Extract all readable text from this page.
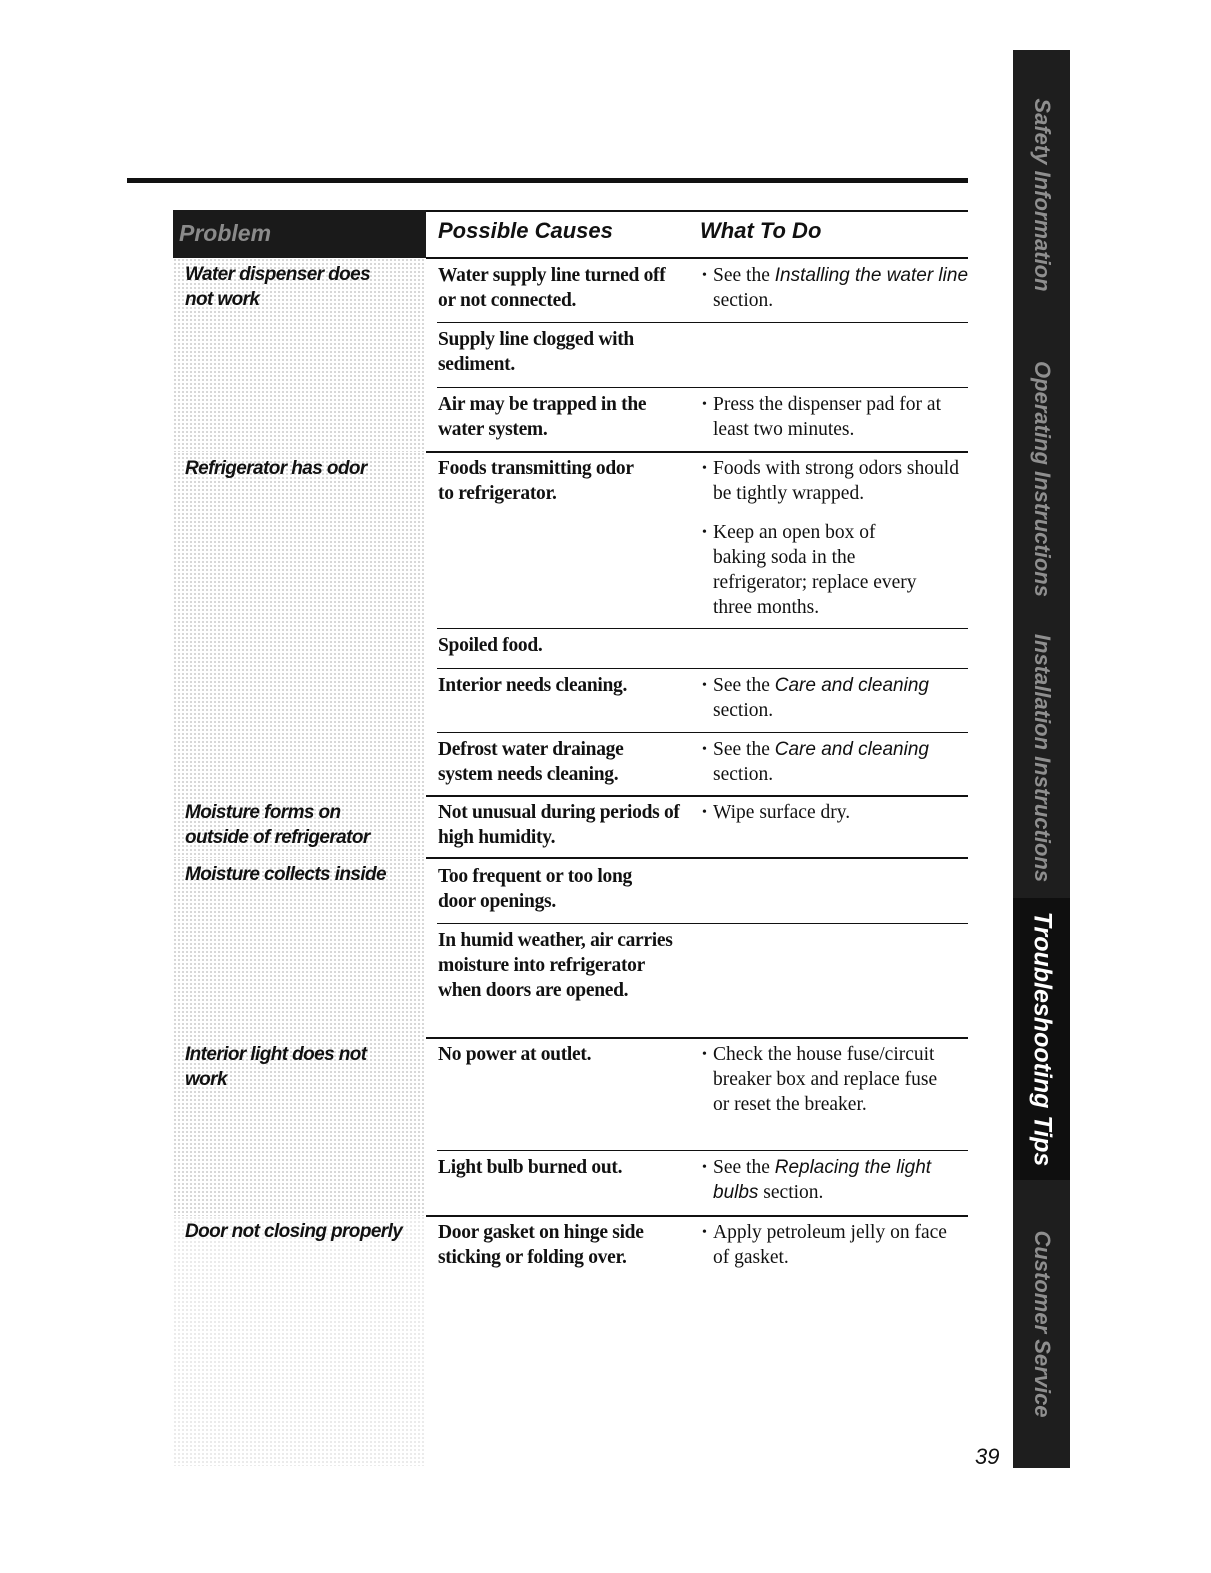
Problem
Water dispenser does not work
Refrigerator has odor
Moisture forms on outside of refrigerator
Moisture collects inside
Interior light does not work
Door not closing properly
Possible Causes	What To Do
Water supply line turned off or not connected.
Supply line clogged with sediment.
Air may be trapped in the water system.
Foods transmitting odor to refrigerator.
Spoiled food.
Interior needs cleaning.
Defrost water drainage system needs cleaning.
Not unusual during periods of high humidity.
Too frequent or too long door openings.
In humid weather, air carries moisture into refrigerator when doors are opened.
No power at outlet.
Light bulb burned out.
Door gasket on hinge side sticking or folding over.
• See the Installing the water line section.
• Press the dispenser pad for at least two minutes.
• Foods with strong odors should be tightly wrapped.
• Keep an open box of baking soda in the refrigerator; replace every three months.
• See the Care and cleaning section.
• See the Care and cleaning section.
• Wipe surface dry.
• Check the house fuse/circuit breaker box and replace fuse or reset the breaker.
• See the Replacing the light bulbs section.
• Apply petroleum jelly on face of gasket.
Safety Information
Operating Instructions
Installation Instructions
Troubleshooting Tips
Customer Service
39
